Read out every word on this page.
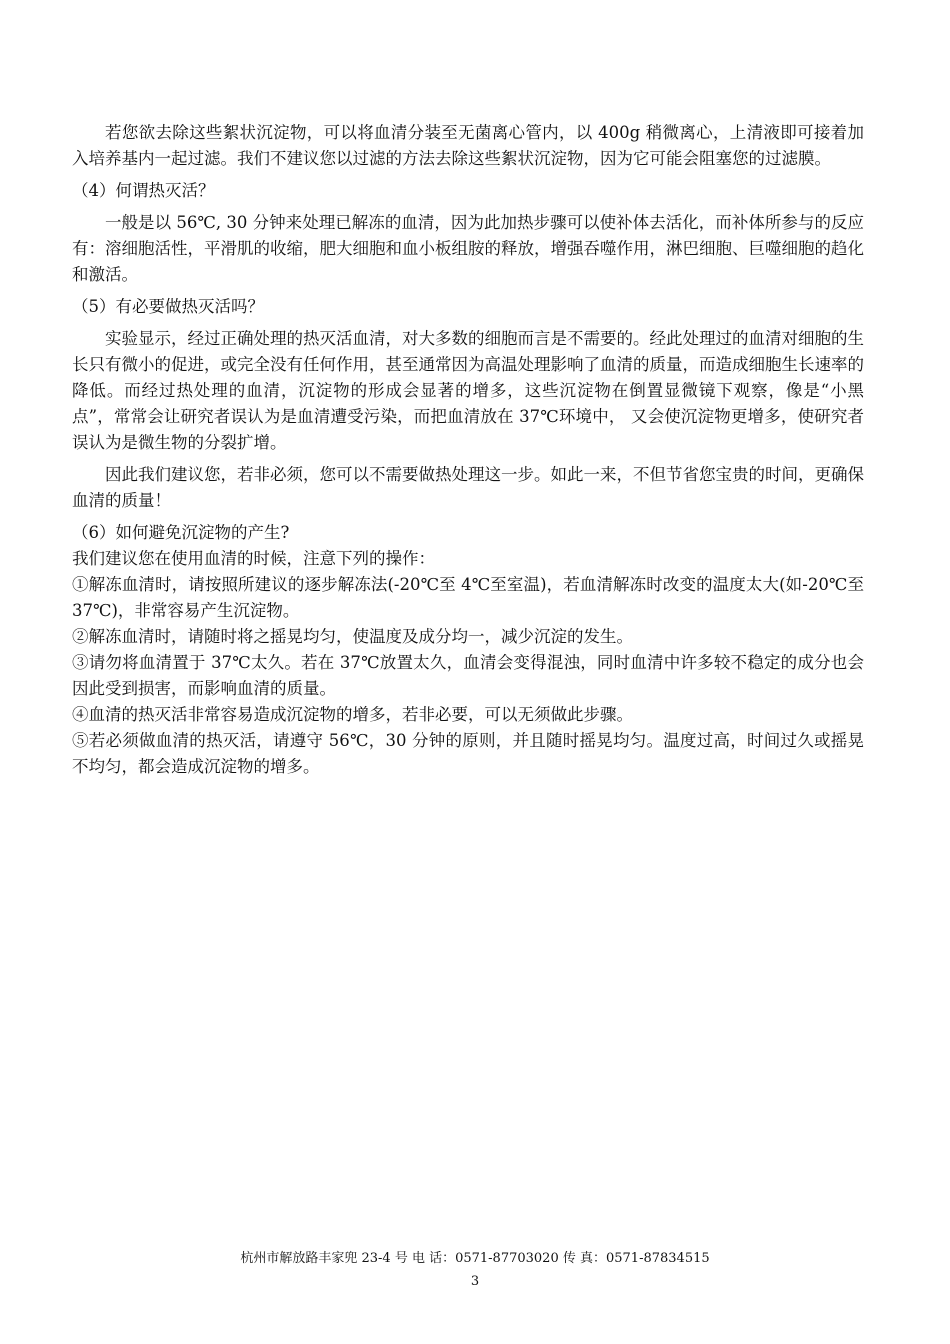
若您欲去除这些絮状沉淀物，可以将血清分装至无菌离心管内，以 400g 稍微离心，上清液即可接着加入培养基内一起过滤。我们不建议您以过滤的方法去除这些絮状沉淀物，因为它可能会阻塞您的过滤膜。

（4）何谓热灭活？

一般是以 56℃, 30 分钟来处理已解冻的血清，因为此加热步骤可以使补体去活化，而补体所参与的反应有：溶细胞活性，平滑肌的收缩，肥大细胞和血小板组胺的释放，增强吞噬作用，淋巴细胞、巨噬细胞的趋化和激活。

（5）有必要做热灭活吗？

实验显示，经过正确处理的热灭活血清，对大多数的细胞而言是不需要的。经此处理过的血清对细胞的生长只有微小的促进，或完全没有任何作用，甚至通常因为高温处理影响了血清的质量，而造成细胞生长速率的降低。而经过热处理的血清，沉淀物的形成会显著的增多，这些沉淀物在倒置显微镜下观察，像是“小黑点”，常常会让研究者误认为是血清遭受污染，而把血清放在 37℃环境中， 又会使沉淀物更增多，使研究者误认为是微生物的分裂扩增。

因此我们建议您，若非必须，您可以不需要做热处理这一步。如此一来，不但节省您宝贵的时间，更确保血清的质量！

（6）如何避免沉淀物的产生?

我们建议您在使用血清的时候，注意下列的操作：

①解冻血清时，请按照所建议的逐步解冻法(-20℃至 4℃至室温)，若血清解冻时改变的温度太大(如-20℃至 37℃)，非常容易产生沉淀物。

②解冻血清时，请随时将之摇晃均匀，使温度及成分均一，减少沉淀的发生。

③请勿将血清置于 37℃太久。若在 37℃放置太久，血清会变得混浊，同时血清中许多较不稳定的成分也会因此受到损害，而影响血清的质量。

④血清的热灭活非常容易造成沉淀物的增多，若非必要，可以无须做此步骤。

⑤若必须做血清的热灭活，请遵守 56℃，30 分钟的原则，并且随时摇晃均匀。温度过高，时间过久或摇晃不均匀，都会造成沉淀物的增多。

杭州市解放路丰家兜 23-4 号 电 话：0571-87703020 传 真：0571-87834515
3
